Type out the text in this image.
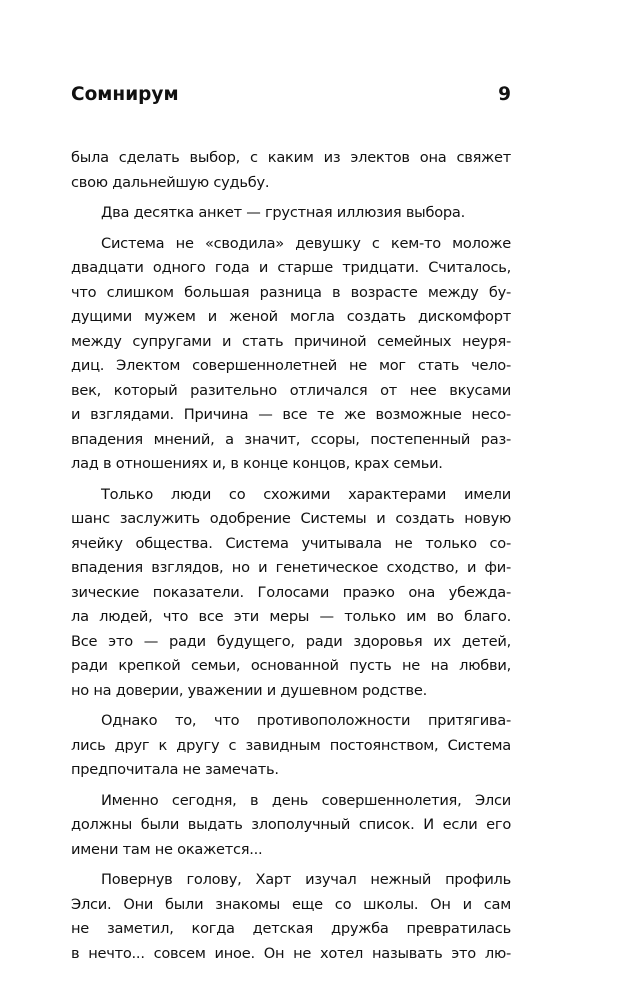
Сомнирум	9
была сделать выбор, с каким из электов она свяжет
свою дальнейшую судьбу.
Два десятка анкет — грустная иллюзия выбора.
Система не «сводила» девушку с кем-то моложе
двадцати одного года и старше тридцати. Считалось,
что слишком большая разница в возрасте между бу-
дущими мужем и женой могла создать дискомфорт
между супругами и стать причиной семейных неуря-
диц. Электом совершеннолетней не мог стать чело-
век, который разительно отличался от нее вкусами
и взглядами. Причина — все те же возможные несо-
впадения мнений, а значит, ссоры, постепенный раз-
лад в отношениях и, в конце концов, крах семьи.
Только люди со схожими характерами имели
шанс заслужить одобрение Системы и создать новую
ячейку общества. Система учитывала не только со-
впадения взглядов, но и генетическое сходство, и фи-
зические показатели. Голосами праэко она убежда-
ла людей, что все эти меры — только им во благо.
Все это — ради будущего, ради здоровья их детей,
ради крепкой семьи, основанной пусть не на любви,
но на доверии, уважении и душевном родстве.
Однако то, что противоположности притягива-
лись друг к другу с завидным постоянством, Система
предпочитала не замечать.
Именно сегодня, в день совершеннолетия, Элси
должны были выдать злополучный список. И если его
имени там не окажется...
Повернув голову, Харт изучал нежный профиль
Элси. Они были знакомы еще со школы. Он и сам
не заметил, когда детская дружба превратилась
в нечто... совсем иное. Он не хотел называть это лю-
